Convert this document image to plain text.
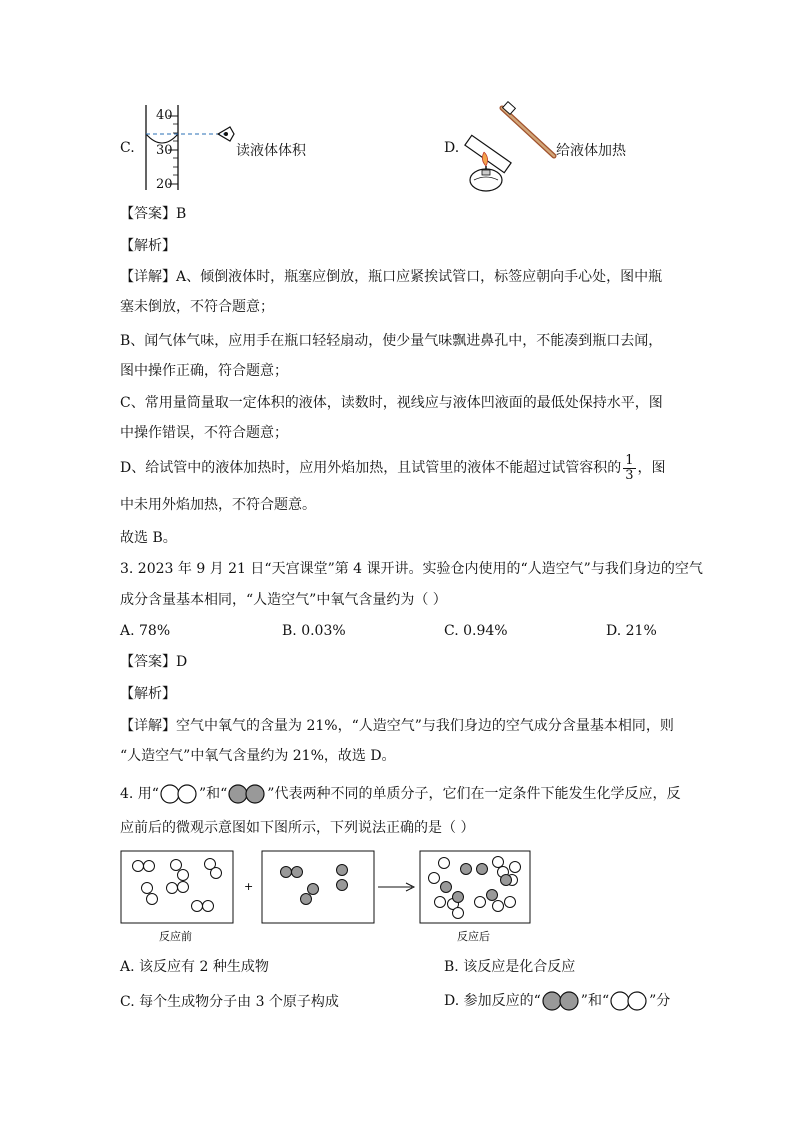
C.
40
30
20
读液体体积	D.	给液体加热
【答案】B
【解析】
【详解】A、倾倒液体时，瓶塞应倒放，瓶口应紧挨试管口，标签应朝向手心处，图中瓶
塞未倒放，不符合题意；
B、闻气体气味，应用手在瓶口轻轻扇动，使少量气味飘进鼻孔中，不能凑到瓶口去闻，
图中操作正确，符合题意；
C、常用量筒量取一定体积的液体，读数时，视线应与液体凹液面的最低处保持水平，图
中操作错误，不符合题意；
D、给试管中的液体加热时，应用外焰加热，且试管里的液体不能超过试管容积的 $\frac{1}{3}$ ，图
中未用外焰加热，不符合题意。
故选 B。
3. 2023 年 9 月 21 日“天宫课堂”第 4 课开讲。实验仓内使用的“人造空气”与我们身边的空气
成分含量基本相同，“人造空气”中氧气含量约为（ ）
A. 78%	B. 0.03%	C. 0.94%	D. 21%
【答案】D
【解析】
【详解】空气中氧气的含量为 21%，“人造空气”与我们身边的空气成分含量基本相同，则
“人造空气”中氧气含量约为 21%，故选 D。
4. 用“	”和“	”代表两种不同的单质分子，它们在一定条件下能发生化学反应，反
应前后的微观示意图如下图所示，下列说法正确的是（ ）
+
反应前	反应后
A. 该反应有 2 种生成物	B. 该反应是化合反应
C. 每个生成物分子由 3 个原子构成	D. 参加反应的“	”和“	”分
